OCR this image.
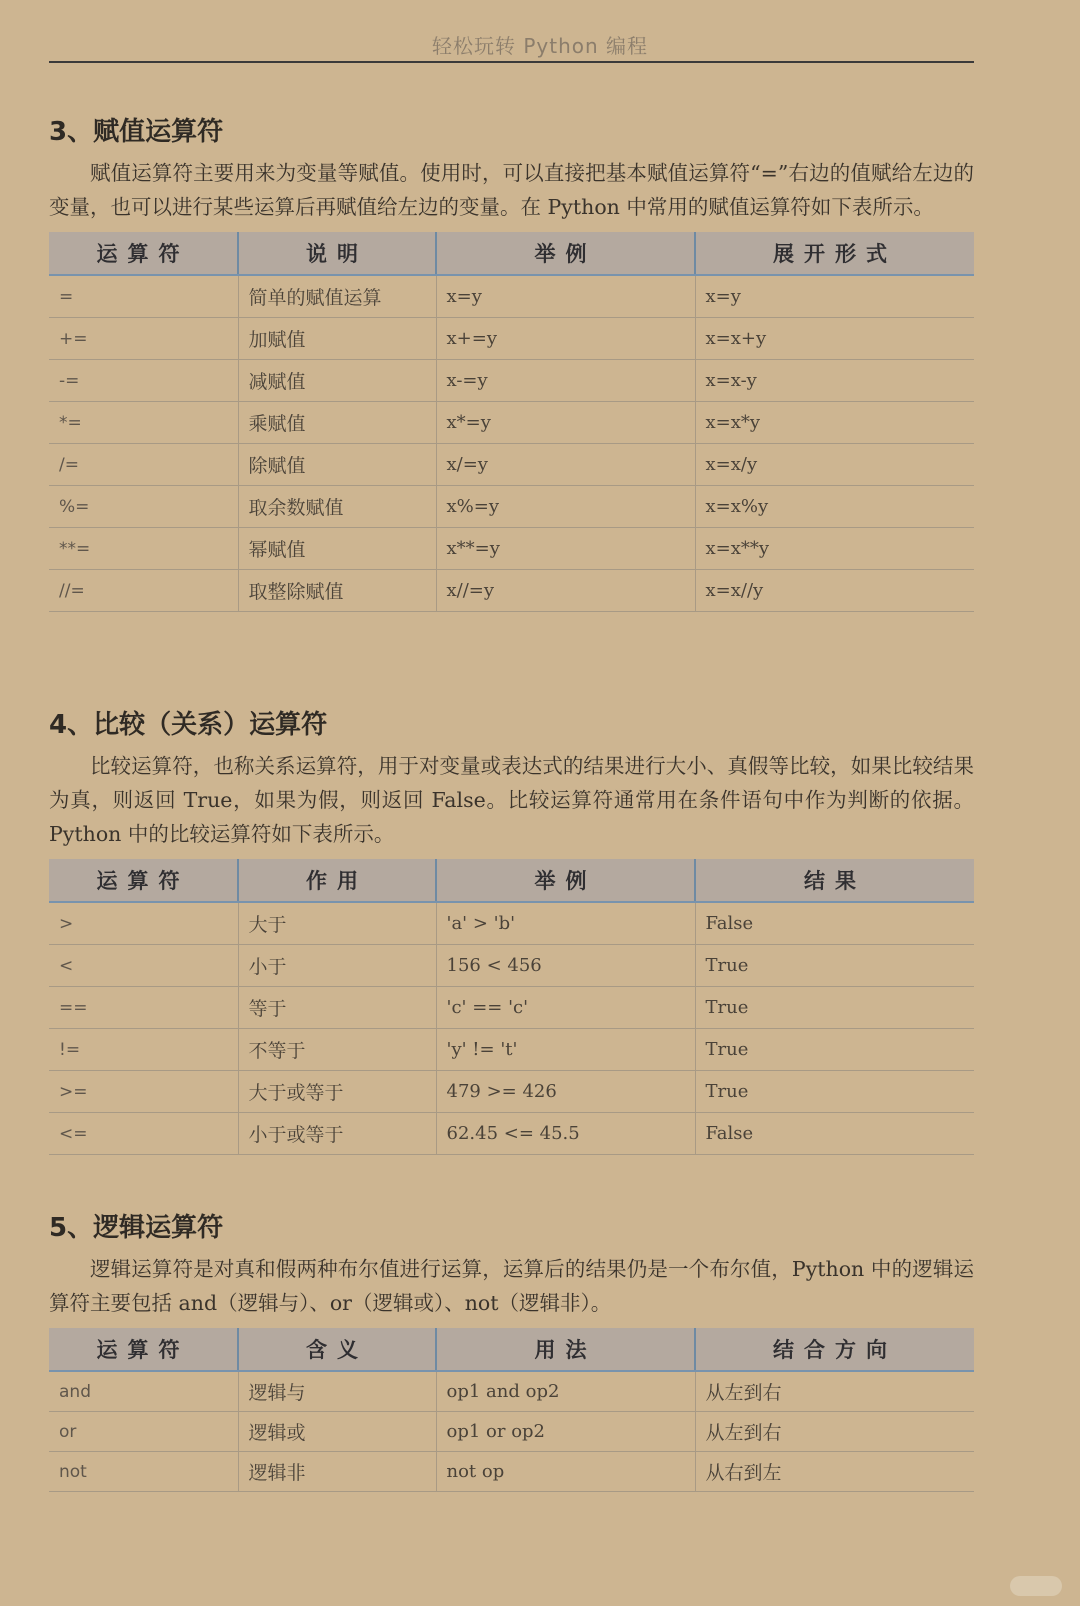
轻松玩转 Python 编程
3、赋值运算符

赋值运算符主要用来为变量等赋值。使用时，可以直接把基本赋值运算符“=”右边的值赋给左边的变量，也可以进行某些运算后再赋值给左边的变量。在 Python 中常用的赋值运算符如下表所示。

运算符	说明	举例	展开形式
=	简单的赋值运算	x=y	x=y
+=	加赋值	x+=y	x=x+y
-=	减赋值	x-=y	x=x-y
*=	乘赋值	x*=y	x=x*y
/=	除赋值	x/=y	x=x/y
%=	取余数赋值	x%=y	x=x%y
**=	幂赋值	x**=y	x=x**y
//=	取整除赋值	x//=y	x=x//y
4、比较（关系）运算符

比较运算符，也称关系运算符，用于对变量或表达式的结果进行大小、真假等比较，如果比较结果为真，则返回 True，如果为假，则返回 False。比较运算符通常用在条件语句中作为判断的依据。Python 中的比较运算符如下表所示。

运算符	作用	举例	结果
>	大于	'a' > 'b'	False
<	小于	156 < 456	True
==	等于	'c' == 'c'	True
!=	不等于	'y' != 't'	True
>=	大于或等于	479 >= 426	True
<=	小于或等于	62.45 <= 45.5	False
5、逻辑运算符

逻辑运算符是对真和假两种布尔值进行运算，运算后的结果仍是一个布尔值，Python 中的逻辑运算符主要包括 and（逻辑与）、or（逻辑或）、not（逻辑非）。

运算符	含义	用法	结合方向
and	逻辑与	op1 and op2	从左到右
or	逻辑或	op1 or op2	从左到右
not	逻辑非	not op	从右到左
